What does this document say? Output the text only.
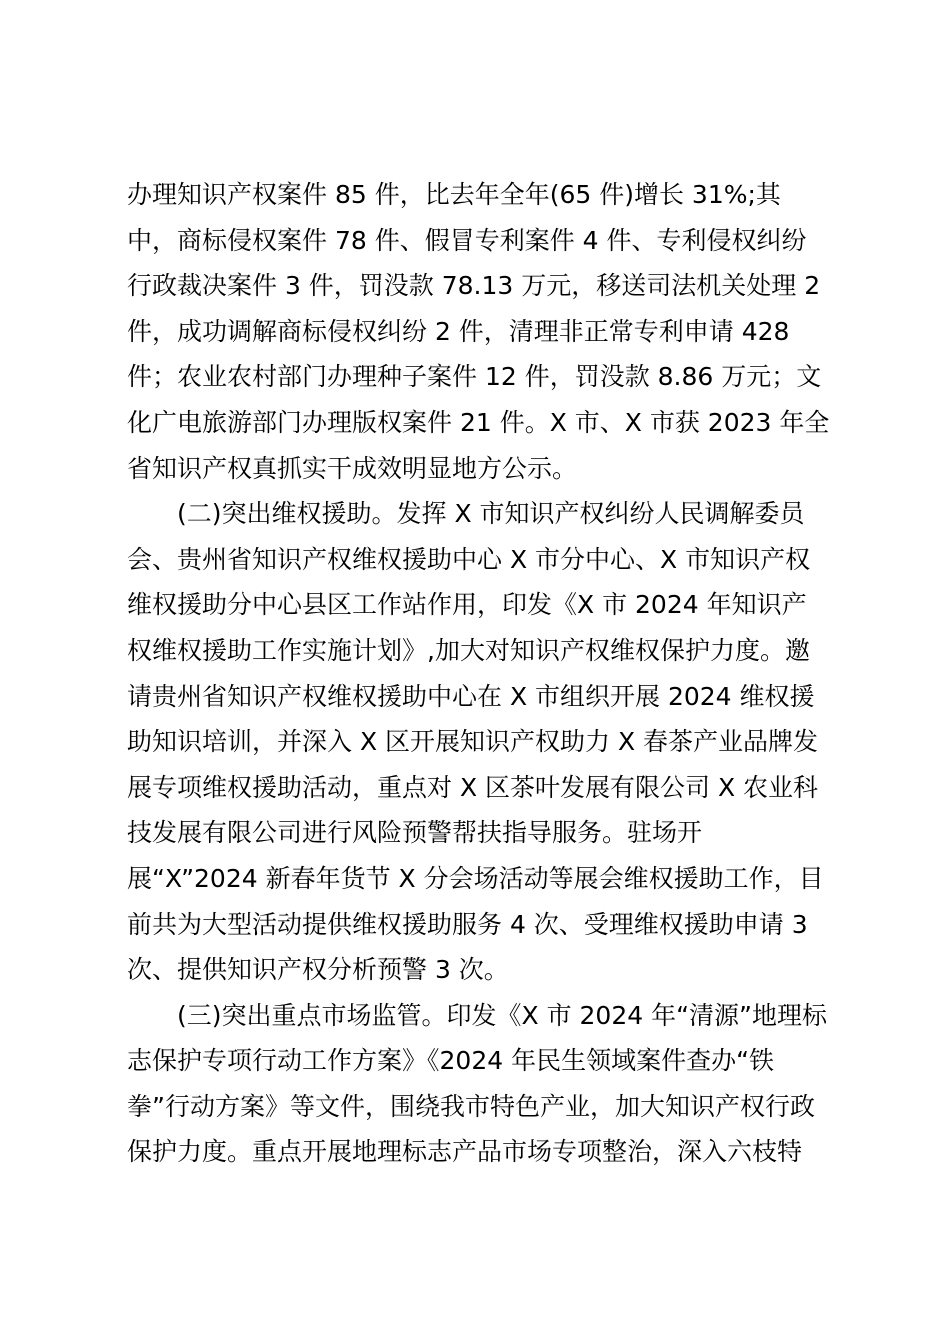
办理知识产权案件 85 件，比去年全年(65 件)增长 31%;其
中，商标侵权案件 78 件、假冒专利案件 4 件、专利侵权纠纷
行政裁决案件 3 件，罚没款 78.13 万元，移送司法机关处理 2
件，成功调解商标侵权纠纷 2 件，清理非正常专利申请 428
件；农业农村部门办理种子案件 12 件，罚没款 8.86 万元；文
化广电旅游部门办理版权案件 21 件。X 市、X 市获 2023 年全
省知识产权真抓实干成效明显地方公示。
　　(二)突出维权援助。发挥 X 市知识产权纠纷人民调解委员
会、贵州省知识产权维权援助中心 X 市分中心、X 市知识产权
维权援助分中心县区工作站作用，印发《X 市 2024 年知识产
权维权援助工作实施计划》,加大对知识产权维权保护力度。邀
请贵州省知识产权维权援助中心在 X 市组织开展 2024 维权援
助知识培训，并深入 X 区开展知识产权助力 X 春茶产业品牌发
展专项维权援助活动，重点对 X 区茶叶发展有限公司 X 农业科
技发展有限公司进行风险预警帮扶指导服务。驻场开
展“X”2024 新春年货节 X 分会场活动等展会维权援助工作，目
前共为大型活动提供维权援助服务 4 次、受理维权援助申请 3
次、提供知识产权分析预警 3 次。
　　(三)突出重点市场监管。印发《X 市 2024 年“清源”地理标
志保护专项行动工作方案》《2024 年民生领域案件查办“铁
拳”行动方案》等文件，围绕我市特色产业，加大知识产权行政
保护力度。重点开展地理标志产品市场专项整治，深入六枝特
